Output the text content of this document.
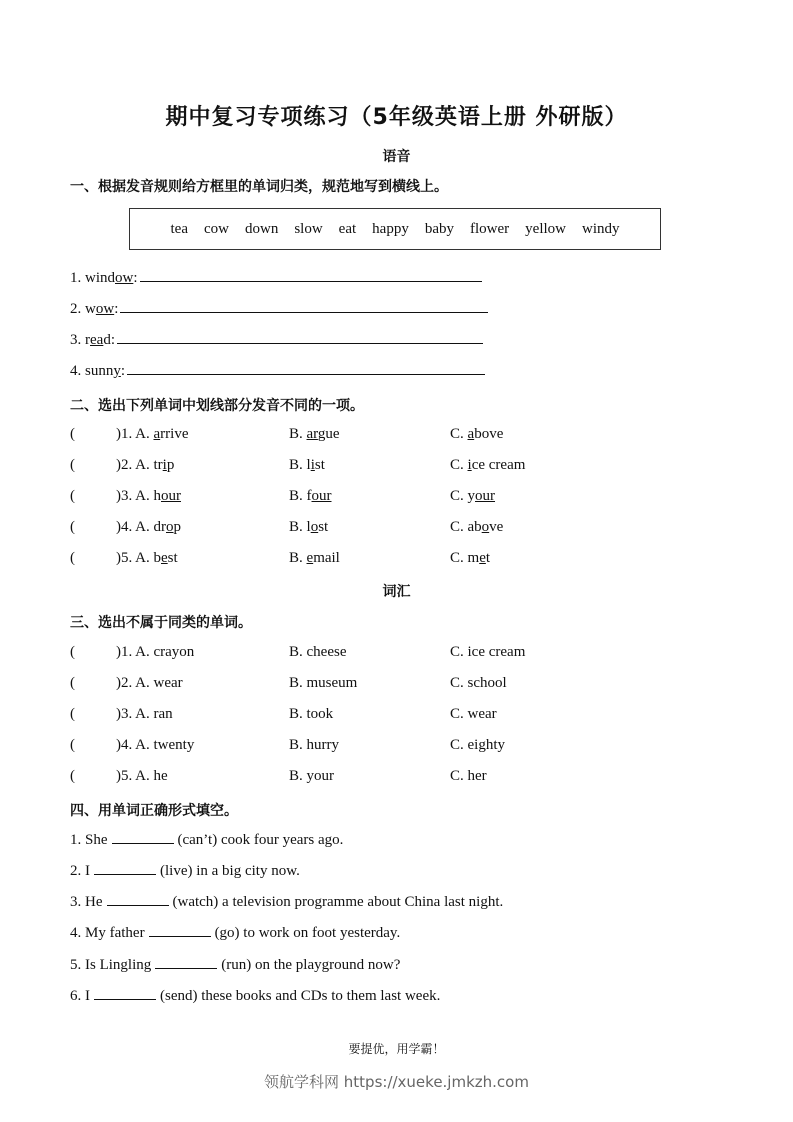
期中复习专项练习（5年级英语上册 外研版）
语音
一、根据发音规则给方框里的单词归类，规范地写到横线上。
tea cow down slow eat happy baby flower yellow windy
1. window:
2. wow:
3. read:
4. sunny:
二、选出下列单词中划线部分发音不同的一项。
(	)1. A. arrive	B. argue	C. above
(	)2. A. trip	B. list	C. ice cream
(	)3. A. hour	B. four	C. your
(	)4. A. drop	B. lost	C. above
(	)5. A. best	B. email	C. met
词汇
三、选出不属于同类的单词。
(	)1. A. crayon	B. cheese	C. ice cream
(	)2. A. wear	B. museum	C. school
(	)3. A. ran	B. took	C. wear
(	)4. A. twenty	B. hurry	C. eighty
(	)5. A. he	B. your	C. her
四、用单词正确形式填空。
1. She	(can’t) cook four years ago.
2. I	(live) in a big city now.
3. He	(watch) a television programme about China last night.
4. My father	(go) to work on foot yesterday.
5. Is Lingling	(run) on the playground now?
6. I	(send) these books and CDs to them last week.
要提优，用学霸！
领航学科网 https://xueke.jmkzh.com
